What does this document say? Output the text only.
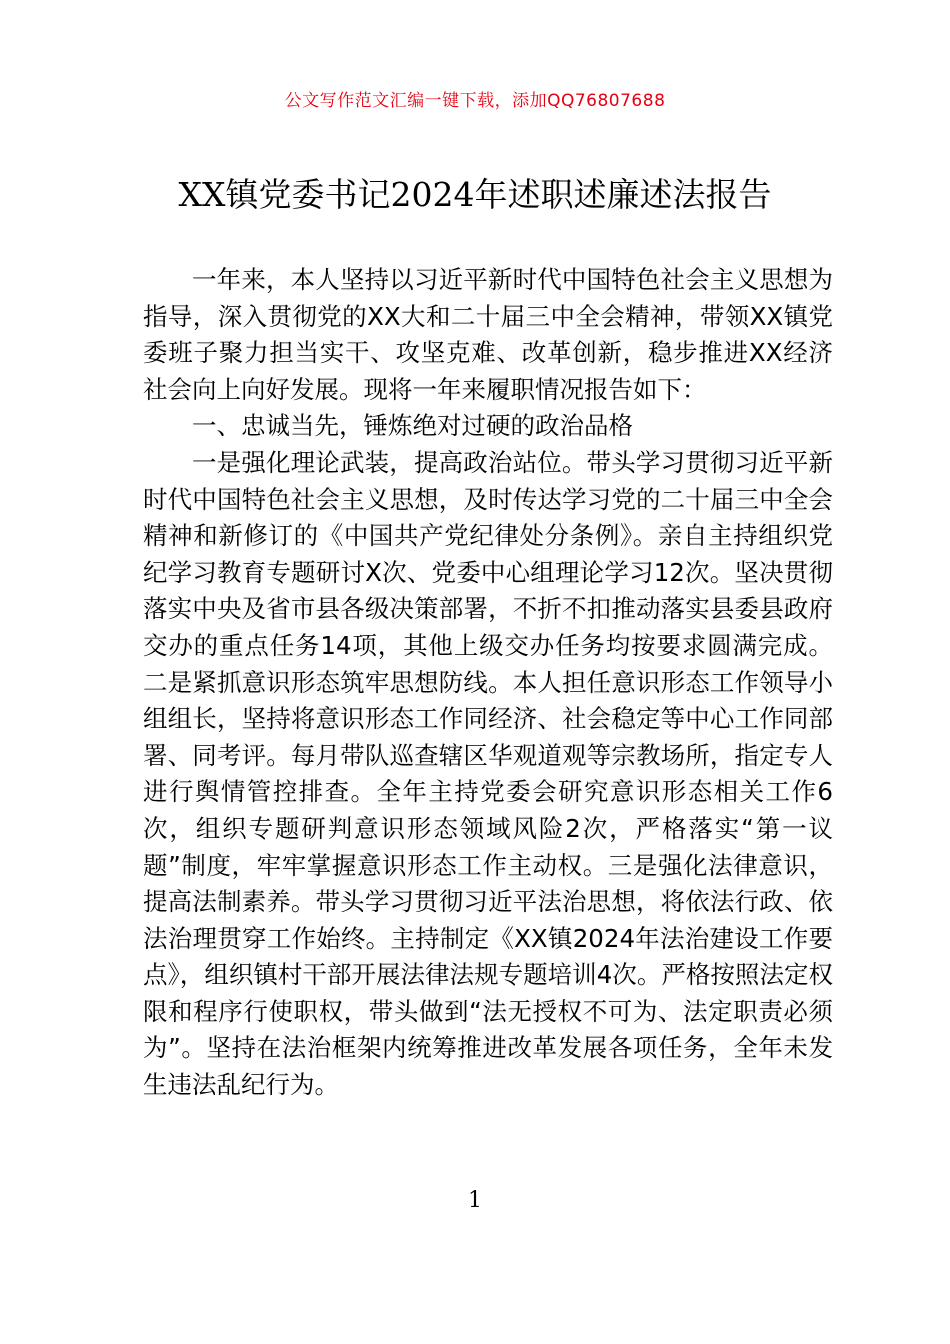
公文写作范文汇编一键下载，添加QQ76807688
XX镇党委书记2024年述职述廉述法报告

一年来，本人坚持以习近平新时代中国特色社会主义思想为指导，深入贯彻党的XX大和二十届三中全会精神，带领XX镇党委班子聚力担当实干、攻坚克难、改革创新，稳步推进XX经济社会向上向好发展。现将一年来履职情况报告如下：

一、忠诚当先，锤炼绝对过硬的政治品格

一是强化理论武装，提高政治站位。带头学习贯彻习近平新时代中国特色社会主义思想，及时传达学习党的二十届三中全会精神和新修订的《中国共产党纪律处分条例》。亲自主持组织党纪学习教育专题研讨X次、党委中心组理论学习12次。坚决贯彻落实中央及省市县各级决策部署，不折不扣推动落实县委县政府交办的重点任务14项，其他上级交办任务均按要求圆满完成。二是紧抓意识形态筑牢思想防线。本人担任意识形态工作领导小组组长，坚持将意识形态工作同经济、社会稳定等中心工作同部署、同考评。每月带队巡查辖区华观道观等宗教场所，指定专人进行舆情管控排查。全年主持党委会研究意识形态相关工作6次，组织专题研判意识形态领域风险2次，严格落实“第一议题”制度，牢牢掌握意识形态工作主动权。三是强化法律意识，提高法制素养。带头学习贯彻习近平法治思想，将依法行政、依法治理贯穿工作始终。主持制定《XX镇2024年法治建设工作要点》，组织镇村干部开展法律法规专题培训4次。严格按照法定权限和程序行使职权，带头做到“法无授权不可为、法定职责必须为”。坚持在法治框架内统筹推进改革发展各项任务，全年未发生违法乱纪行为。

1
